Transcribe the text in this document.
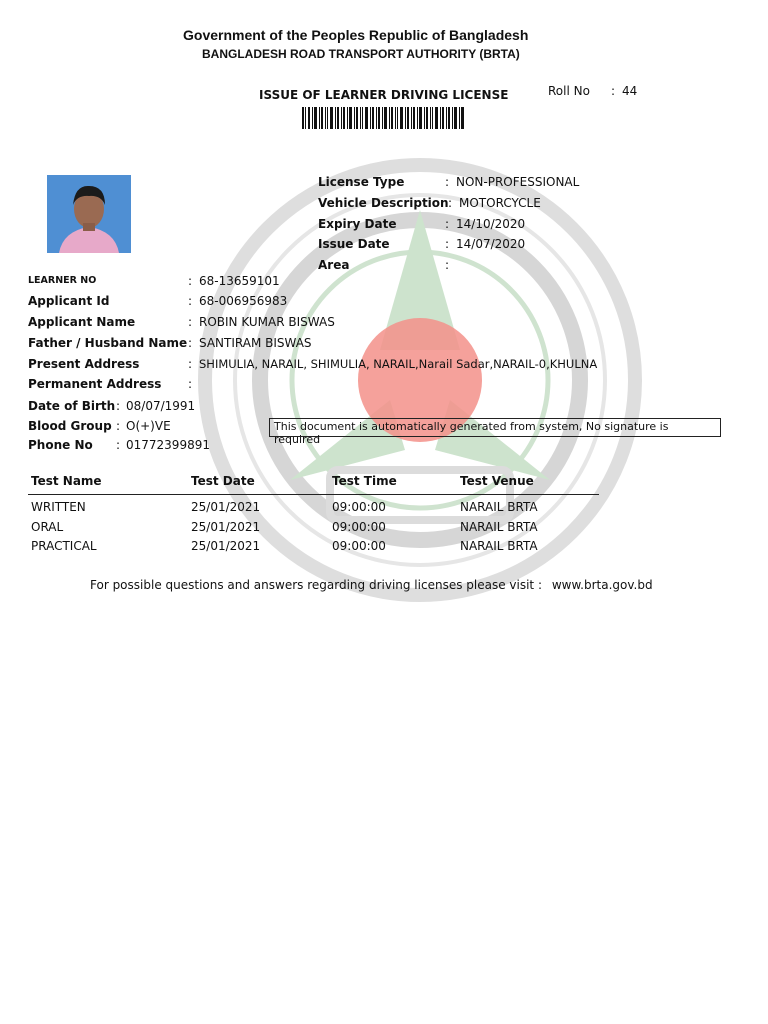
Government of the Peoples Republic of Bangladesh
BANGLADESH ROAD TRANSPORT AUTHORITY (BRTA)
ISSUE OF LEARNER DRIVING LICENSE	Roll No : 44
License Type	: NON-PROFESSIONAL
Vehicle Description : MOTORCYCLE
Expiry Date	: 14/10/2020
Issue Date	: 14/07/2020
Area	:
LEARNER NO	: 68-13659101
Applicant Id	: 68-006956983
Applicant Name	: ROBIN KUMAR BISWAS
Father / Husband Name : SANTIRAM BISWAS
Present Address	: SHIMULIA, NARAIL, SHIMULIA, NARAIL,Narail Sadar,NARAIL-0,KHULNA
Permanent Address :
Date of Birth : 08/07/1991
Blood Group : O(+)VE
Phone No : 01772399891
This document is automatically generated from system, No signature is required
Test Name	Test Date	Test Time	Test Venue
WRITTEN	25/01/2021	09:00:00	NARAIL BRTA
ORAL	25/01/2021	09:00:00	NARAIL BRTA
PRACTICAL	25/01/2021	09:00:00	NARAIL BRTA
For possible questions and answers regarding driving licenses please visit : www.brta.gov.bd
